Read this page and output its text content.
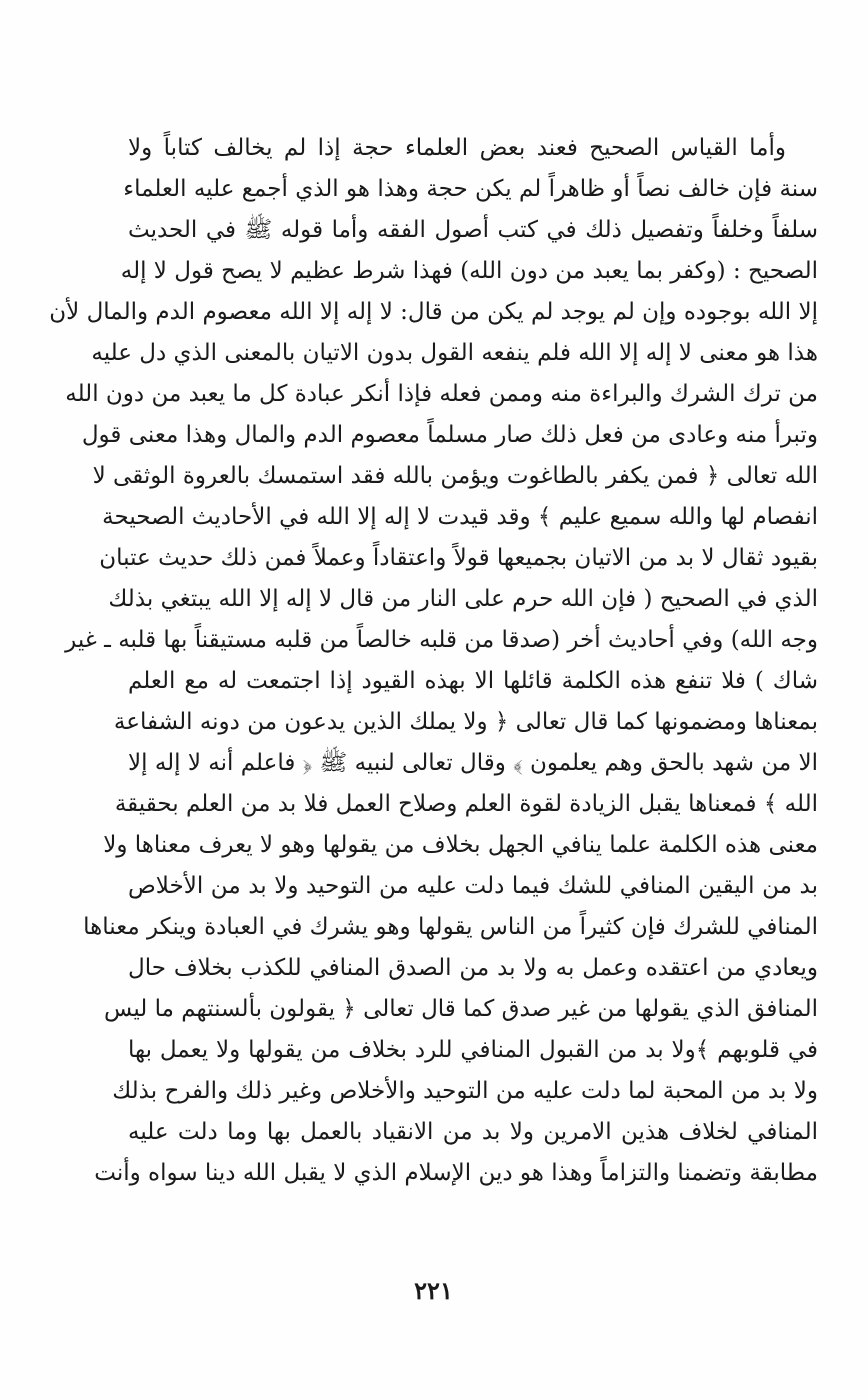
وأما القياس الصحيح فعند بعض العلماء حجة إذا لم يخالف كتاباً ولا
سنة فإن خالف نصاً أو ظاهراً لم يكن حجة وهذا هو الذي أجمع عليه العلماء
سلفاً وخلفاً وتفصيل ذلك في كتب أصول الفقه وأما قوله ﷺ في الحديث
الصحيح : (وكفر بما يعبد من دون الله) فهذا شرط عظيم لا يصح قول لا إله
إلا الله بوجوده وإن لم يوجد لم يكن من قال: لا إله إلا الله معصوم الدم والمال لأن
هذا هو معنى لا إله إلا الله فلم ينفعه القول بدون الاتيان بالمعنى الذي دل عليه
من ترك الشرك والبراءة منه وممن فعله فإذا أنكر عبادة كل ما يعبد من دون الله
وتبرأ منه وعادى من فعل ذلك صار مسلماً معصوم الدم والمال وهذا معنى قول
الله تعالى ﴿ فمن يكفر بالطاغوت ويؤمن بالله فقد استمسك بالعروة الوثقى لا
انفصام لها والله سميع عليم ﴾ وقد قيدت لا إله إلا الله في الأحاديث الصحيحة
بقيود ثقال لا بد من الاتيان بجميعها قولاً واعتقاداً وعملاً فمن ذلك حديث عتبان
الذي في الصحيح ( فإن الله حرم على النار من قال لا إله إلا الله يبتغي بذلك
وجه الله) وفي أحاديث أخر (صدقا من قلبه خالصاً من قلبه مستيقناً بها قلبه ـ غير
شاك ) فلا تنفع هذه الكلمة قائلها الا بهذه القيود إذا اجتمعت له مع العلم
بمعناها ومضمونها كما قال تعالى ﴿ ولا يملك الذين يدعون من دونه الشفاعة
الا من شهد بالحق وهم يعلمون ﴾ وقال تعالى لنبيه ﷺ ﴿ فاعلم أنه لا إله إلا
الله ﴾ فمعناها يقبل الزيادة لقوة العلم وصلاح العمل فلا بد من العلم بحقيقة
معنى هذه الكلمة علما ينافي الجهل بخلاف من يقولها وهو لا يعرف معناها ولا
بد من اليقين المنافي للشك فيما دلت عليه من التوحيد ولا بد من الأخلاص
المنافي للشرك فإن كثيراً من الناس يقولها وهو يشرك في العبادة وينكر معناها
ويعادي من اعتقده وعمل به ولا بد من الصدق المنافي للكذب بخلاف حال
المنافق الذي يقولها من غير صدق كما قال تعالى ﴿ يقولون بألسنتهم ما ليس
في قلوبهم ﴾ولا بد من القبول المنافي للرد بخلاف من يقولها ولا يعمل بها
ولا بد من المحبة لما دلت عليه من التوحيد والأخلاص وغير ذلك والفرح بذلك
المنافي لخلاف هذين الامرين ولا بد من الانقياد بالعمل بها وما دلت عليه
مطابقة وتضمنا والتزاماً وهذا هو دين الإسلام الذي لا يقبل الله دينا سواه وأنت
٢٢١
